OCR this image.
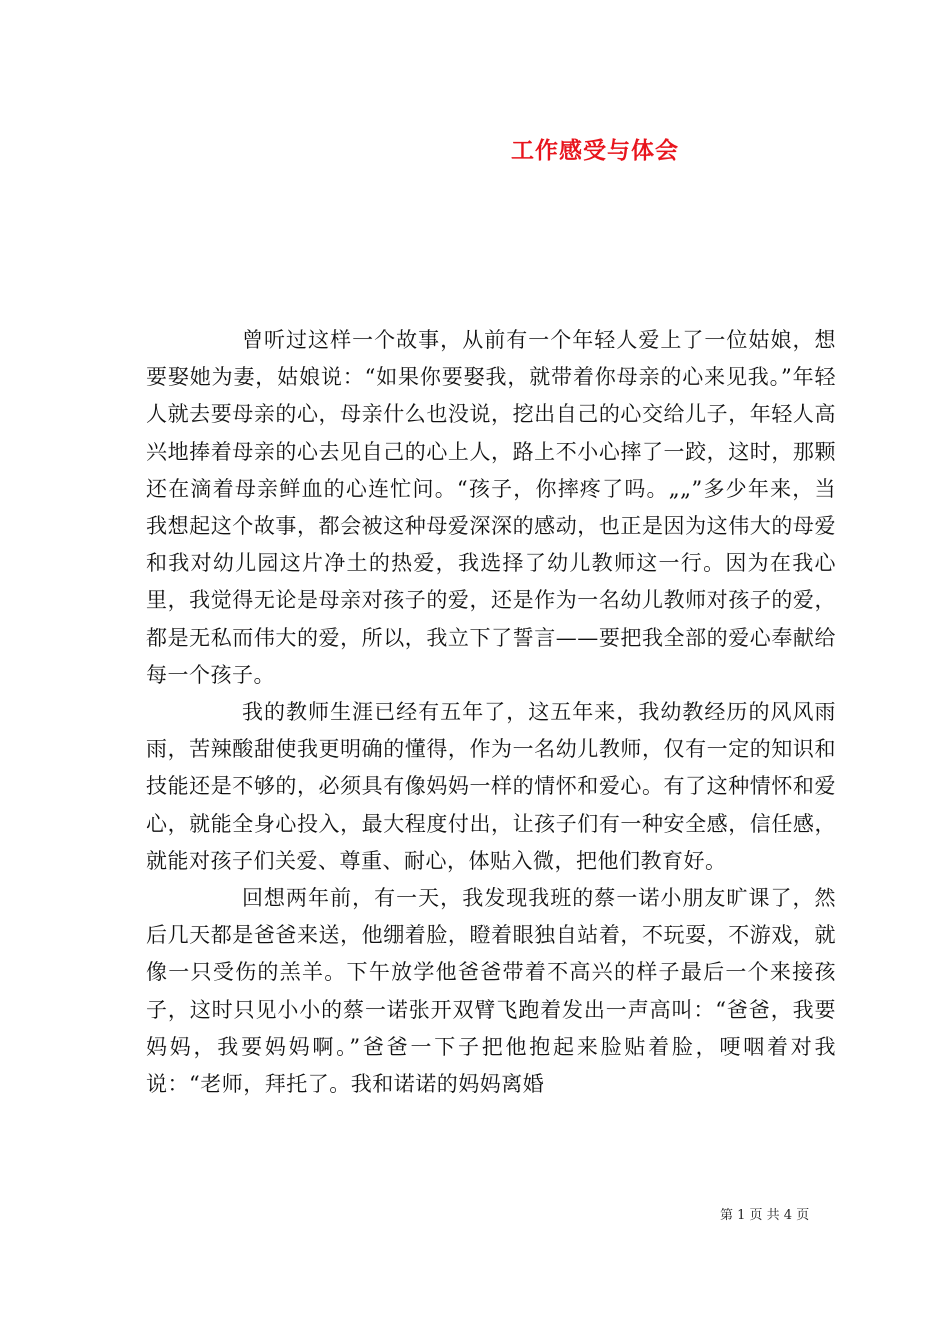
工作感受与体会

曾听过这样一个故事，从前有一个年轻人爱上了一位姑娘，想要娶她为妻，姑娘说：“如果你要娶我，就带着你母亲的心来见我。”年轻人就去要母亲的心，母亲什么也没说，挖出自己的心交给儿子，年轻人高兴地捧着母亲的心去见自己的心上人，路上不小心摔了一跤，这时，那颗还在滴着母亲鲜血的心连忙问。“孩子，你摔疼了吗。„„”多少年来，当我想起这个故事，都会被这种母爱深深的感动，也正是因为这伟大的母爱和我对幼儿园这片净土的热爱，我选择了幼儿教师这一行。因为在我心里，我觉得无论是母亲对孩子的爱，还是作为一名幼儿教师对孩子的爱，都是无私而伟大的爱，所以，我立下了誓言——要把我全部的爱心奉献给每一个孩子。

我的教师生涯已经有五年了，这五年来，我幼教经历的风风雨雨，苦辣酸甜使我更明确的懂得，作为一名幼儿教师，仅有一定的知识和技能还是不够的，必须具有像妈妈一样的情怀和爱心。有了这种情怀和爱心，就能全身心投入，最大程度付出，让孩子们有一种安全感，信任感，就能对孩子们关爱、尊重、耐心，体贴入微，把他们教育好。

回想两年前，有一天，我发现我班的蔡一诺小朋友旷课了，然后几天都是爸爸来送，他绷着脸，瞪着眼独自站着，不玩耍，不游戏，就像一只受伤的羔羊。下午放学他爸爸带着不高兴的样子最后一个来接孩子，这时只见小小的蔡一诺张开双臂飞跑着发出一声高叫：“爸爸，我要妈妈，我要妈妈啊。”爸爸一下子把他抱起来脸贴着脸，哽咽着对我说：“老师，拜托了。我和诺诺的妈妈离婚

第 1 页 共 4 页
